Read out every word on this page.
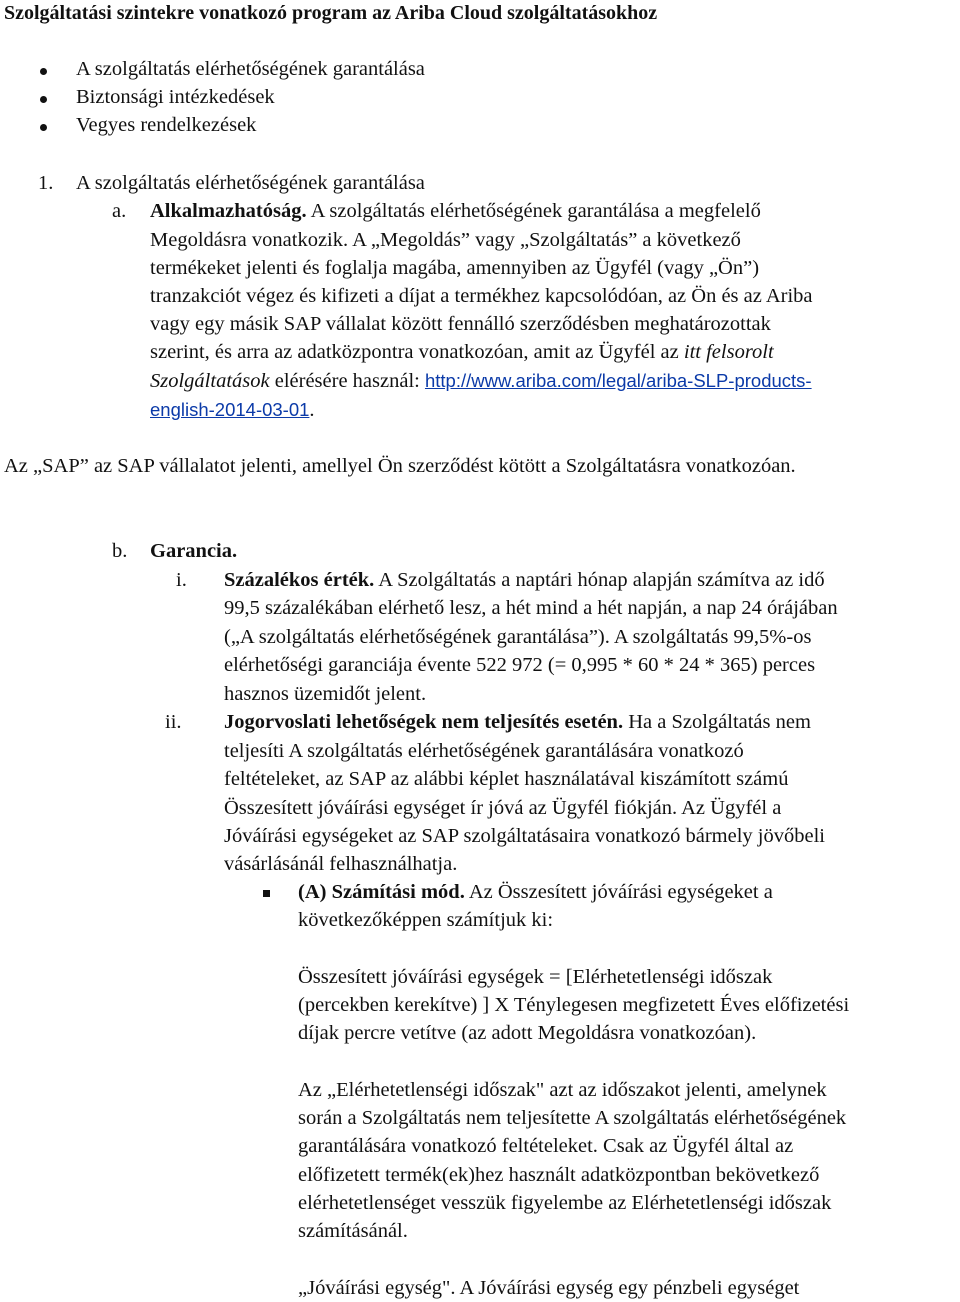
Szolgáltatási szintekre vonatkozó program az Ariba Cloud szolgáltatásokhoz
A szolgáltatás elérhetőségének garantálása
Biztonsági intézkedések
Vegyes rendelkezések
1. A szolgáltatás elérhetőségének garantálása
a. Alkalmazhatóság. A szolgáltatás elérhetőségének garantálása a megfelelő
Megoldásra vonatkozik. A „Megoldás” vagy „Szolgáltatás” a következő
termékeket jelenti és foglalja magába, amennyiben az Ügyfél (vagy „Ön”)
tranzakciót végez és kifizeti a díjat a termékhez kapcsolódóan, az Ön és az Ariba
vagy egy másik SAP vállalat között fennálló szerződésben meghatározottak
szerint, és arra az adatközpontra vonatkozóan, amit az Ügyfél az itt felsorolt
Szolgáltatások elérésére használ: http://www.ariba.com/legal/ariba-SLP-products-
english-2014-03-01.
Az „SAP” az SAP vállalatot jelenti, amellyel Ön szerződést kötött a Szolgáltatásra vonatkozóan.
b. Garancia.
i. Százalékos érték. A Szolgáltatás a naptári hónap alapján számítva az idő
99,5 százalékában elérhető lesz, a hét mind a hét napján, a nap 24 órájában
(„A szolgáltatás elérhetőségének garantálása”). A szolgáltatás 99,5%-os
elérhetőségi garanciája évente 522 972 (= 0,995 * 60 * 24 * 365) perces
hasznos üzemidőt jelent.
ii. Jogorvoslati lehetőségek nem teljesítés esetén. Ha a Szolgáltatás nem
teljesíti A szolgáltatás elérhetőségének garantálására vonatkozó
feltételeket, az SAP az alábbi képlet használatával kiszámított számú
Összesített jóváírási egységet ír jóvá az Ügyfél fiókján. Az Ügyfél a
Jóváírási egységeket az SAP szolgáltatásaira vonatkozó bármely jövőbeli
vásárlásánál felhasználhatja.
(A) Számítási mód. Az Összesített jóváírási egységeket a
következőképpen számítjuk ki:
Összesített jóváírási egységek = [Elérhetetlenségi időszak
(percekben kerekítve) ] X Ténylegesen megfizetett Éves előfizetési
díjak percre vetítve (az adott Megoldásra vonatkozóan).
Az „Elérhetetlenségi időszak" azt az időszakot jelenti, amelynek
során a Szolgáltatás nem teljesítette A szolgáltatás elérhetőségének
garantálására vonatkozó feltételeket. Csak az Ügyfél által az
előfizetett termék(ek)hez használt adatközpontban bekövetkező
elérhetetlenséget vesszük figyelembe az Elérhetetlenségi időszak
számításánál.
„Jóváírási egység". A Jóváírási egység egy pénzbeli egységet
